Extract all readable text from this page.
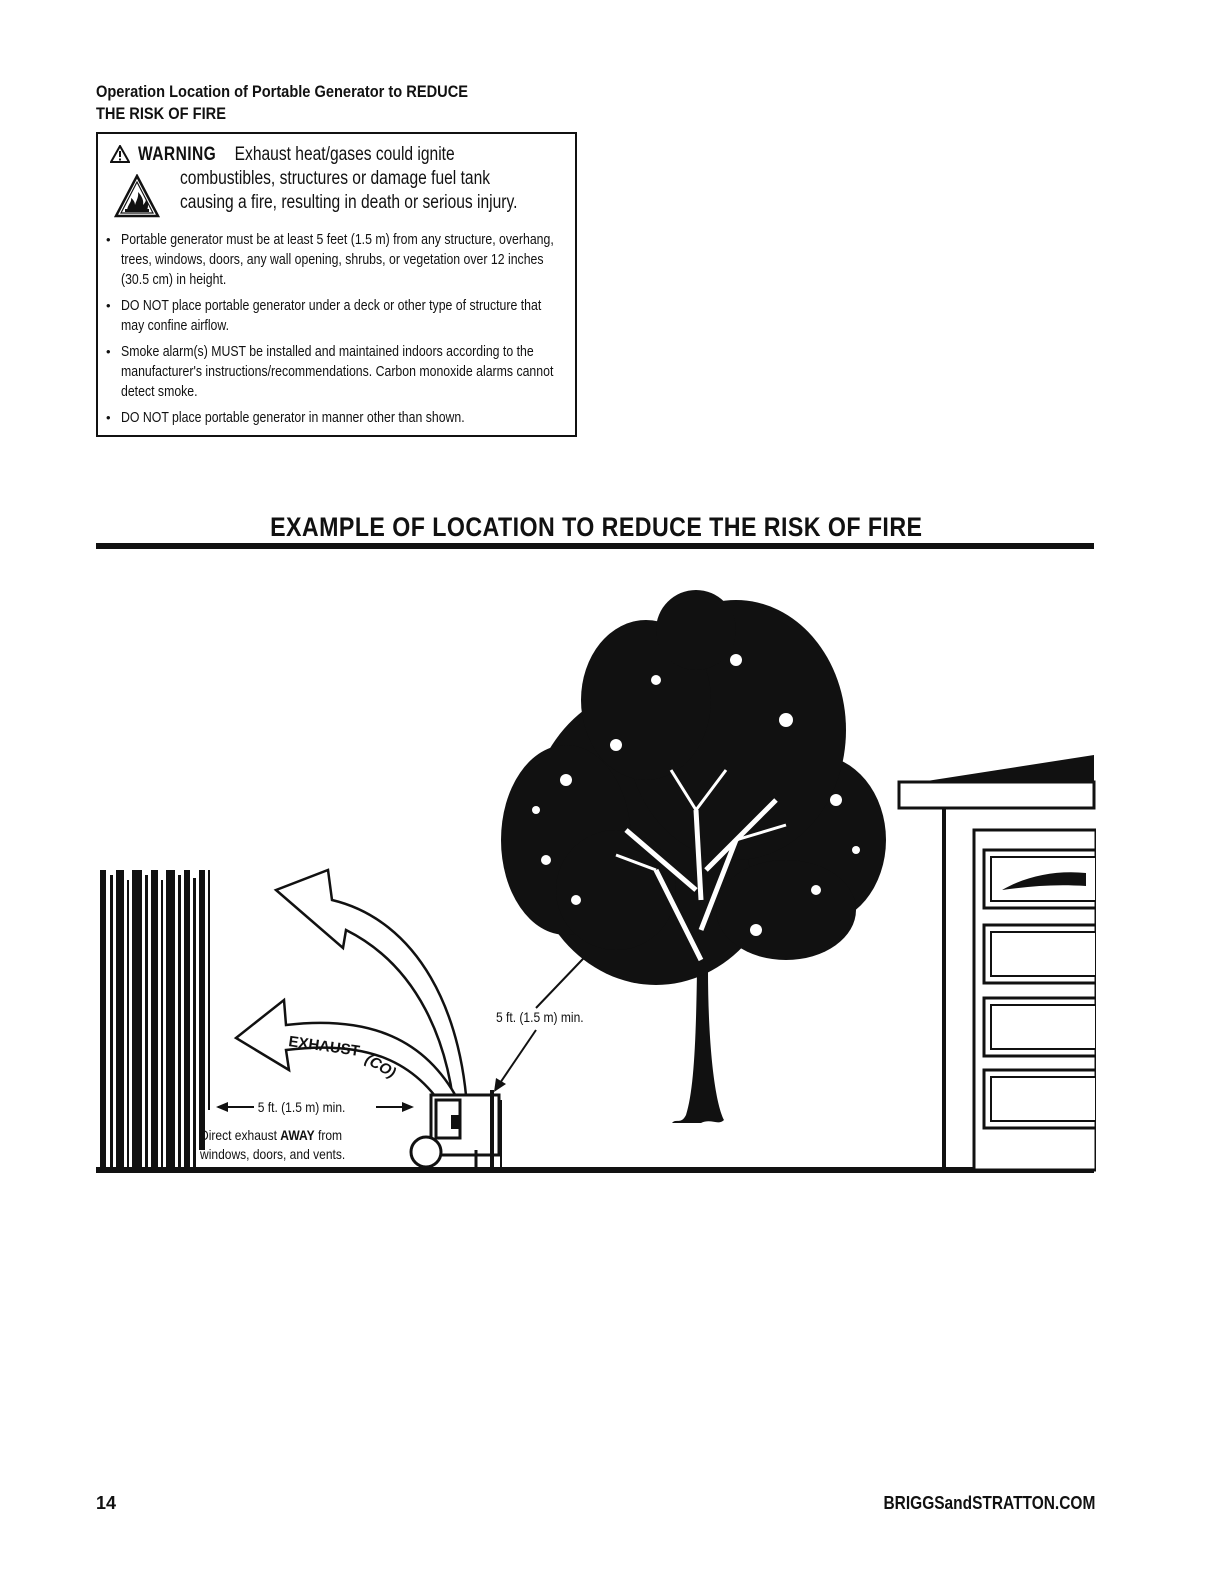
Operation Location of Portable Generator to REDUCE
THE RISK OF FIRE
WARNING Exhaust heat/gases could ignite
combustibles, structures or damage fuel tank
causing a fire, resulting in death or serious injury.
• Portable generator must be at least 5 feet (1.5 m) from any structure, overhang, trees, windows, doors, any wall opening, shrubs, or vegetation over 12 inches (30.5 cm) in height.
• DO NOT place portable generator under a deck or other type of structure that may confine airflow.
• Smoke alarm(s) MUST be installed and maintained indoors according to the manufacturer's instructions/recommendations. Carbon monoxide alarms cannot detect smoke.
• DO NOT place portable generator in manner other than shown.
EXAMPLE OF LOCATION TO REDUCE THE RISK OF FIRE
EXHAUST
(CO)
5 ft. (1.5 m) min.
5 ft. (1.5 m) min.
Direct exhaust AWAY from
windows, doors, and vents.
14	BRIGGSandSTRATTON.COM
